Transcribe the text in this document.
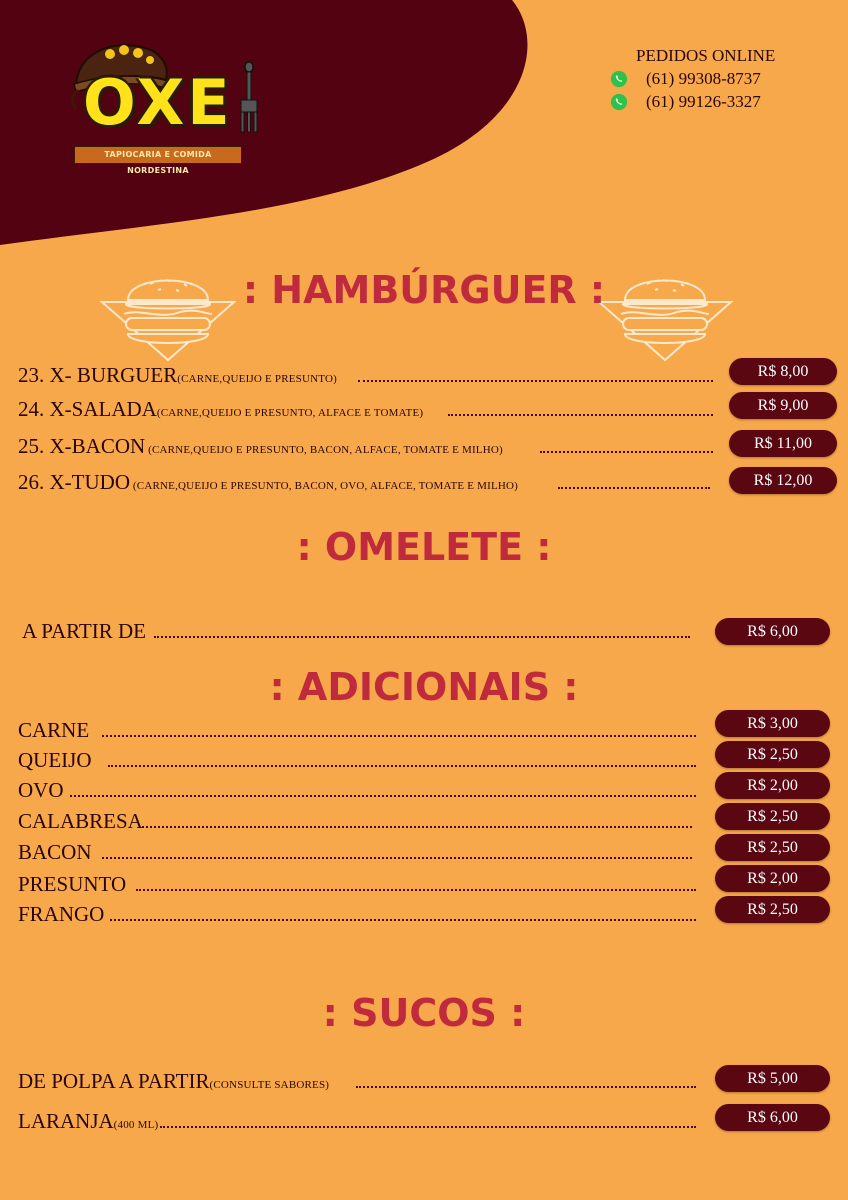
OXE
TAPIOCARIA E COMIDA NORDESTINA
PEDIDOS ONLINE
(61) 99308-8737
(61) 99126-3327
: HAMBÚRGUER :
: OMELETE :
: ADICIONAIS :
: SUCOS :
23. X- BURGUER(CARNE,QUEIJO E PRESUNTO)	R$ 8,00
24. X-SALADA(CARNE,QUEIJO E PRESUNTO, ALFACE E TOMATE)	R$ 9,00
25. X-BACON (CARNE,QUEIJO E PRESUNTO, BACON, ALFACE, TOMATE E MILHO)	R$ 11,00
26. X-TUDO (CARNE,QUEIJO E PRESUNTO, BACON, OVO, ALFACE, TOMATE E MILHO)	R$ 12,00
A PARTIR DE	R$ 6,00
CARNE	R$ 3,00
QUEIJO	R$ 2,50
OVO	R$ 2,00
CALABRESA	R$ 2,50
BACON	R$ 2,50
PRESUNTO	R$ 2,00
FRANGO	R$ 2,50
DE POLPA A PARTIR(CONSULTE SABORES)	R$ 5,00
LARANJA(400 ML)	R$ 6,00
